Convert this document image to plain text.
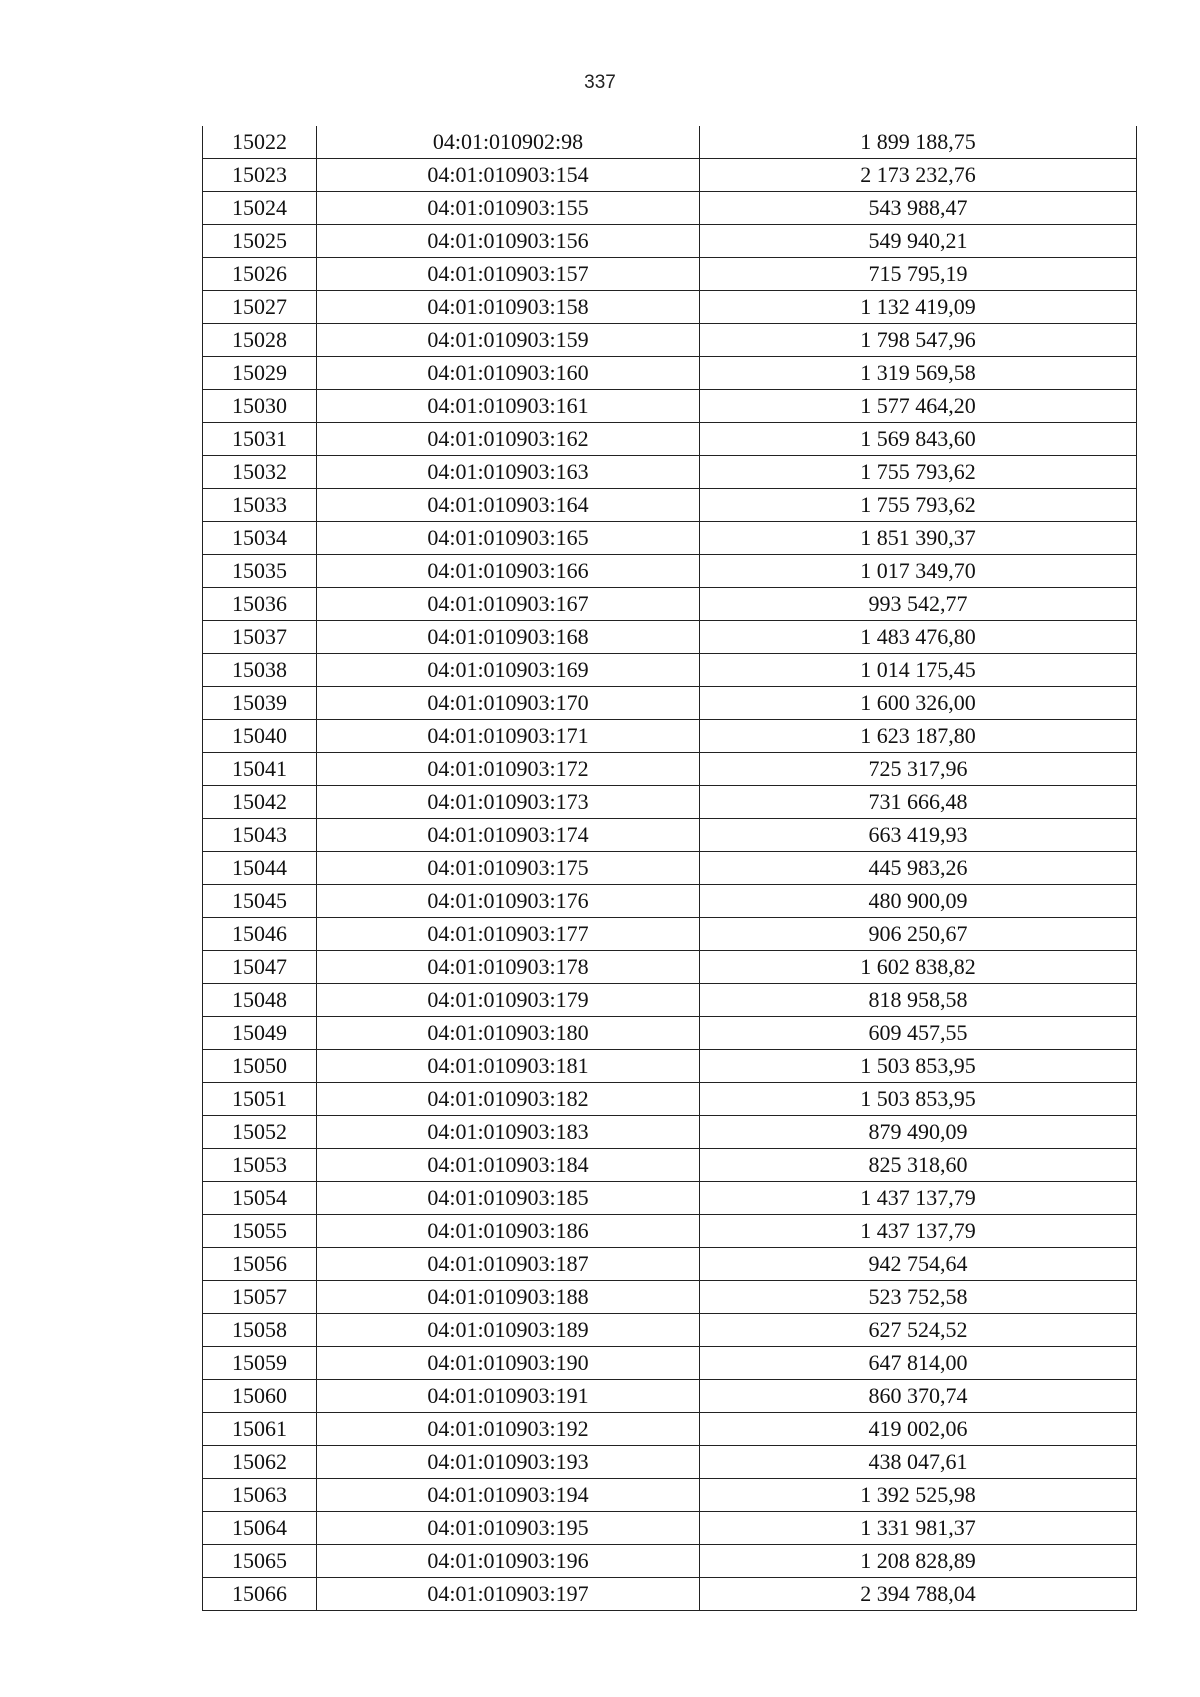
337
15022	04:01:010902:98	1 899 188,75
15023	04:01:010903:154	2 173 232,76
15024	04:01:010903:155	543 988,47
15025	04:01:010903:156	549 940,21
15026	04:01:010903:157	715 795,19
15027	04:01:010903:158	1 132 419,09
15028	04:01:010903:159	1 798 547,96
15029	04:01:010903:160	1 319 569,58
15030	04:01:010903:161	1 577 464,20
15031	04:01:010903:162	1 569 843,60
15032	04:01:010903:163	1 755 793,62
15033	04:01:010903:164	1 755 793,62
15034	04:01:010903:165	1 851 390,37
15035	04:01:010903:166	1 017 349,70
15036	04:01:010903:167	993 542,77
15037	04:01:010903:168	1 483 476,80
15038	04:01:010903:169	1 014 175,45
15039	04:01:010903:170	1 600 326,00
15040	04:01:010903:171	1 623 187,80
15041	04:01:010903:172	725 317,96
15042	04:01:010903:173	731 666,48
15043	04:01:010903:174	663 419,93
15044	04:01:010903:175	445 983,26
15045	04:01:010903:176	480 900,09
15046	04:01:010903:177	906 250,67
15047	04:01:010903:178	1 602 838,82
15048	04:01:010903:179	818 958,58
15049	04:01:010903:180	609 457,55
15050	04:01:010903:181	1 503 853,95
15051	04:01:010903:182	1 503 853,95
15052	04:01:010903:183	879 490,09
15053	04:01:010903:184	825 318,60
15054	04:01:010903:185	1 437 137,79
15055	04:01:010903:186	1 437 137,79
15056	04:01:010903:187	942 754,64
15057	04:01:010903:188	523 752,58
15058	04:01:010903:189	627 524,52
15059	04:01:010903:190	647 814,00
15060	04:01:010903:191	860 370,74
15061	04:01:010903:192	419 002,06
15062	04:01:010903:193	438 047,61
15063	04:01:010903:194	1 392 525,98
15064	04:01:010903:195	1 331 981,37
15065	04:01:010903:196	1 208 828,89
15066	04:01:010903:197	2 394 788,04
